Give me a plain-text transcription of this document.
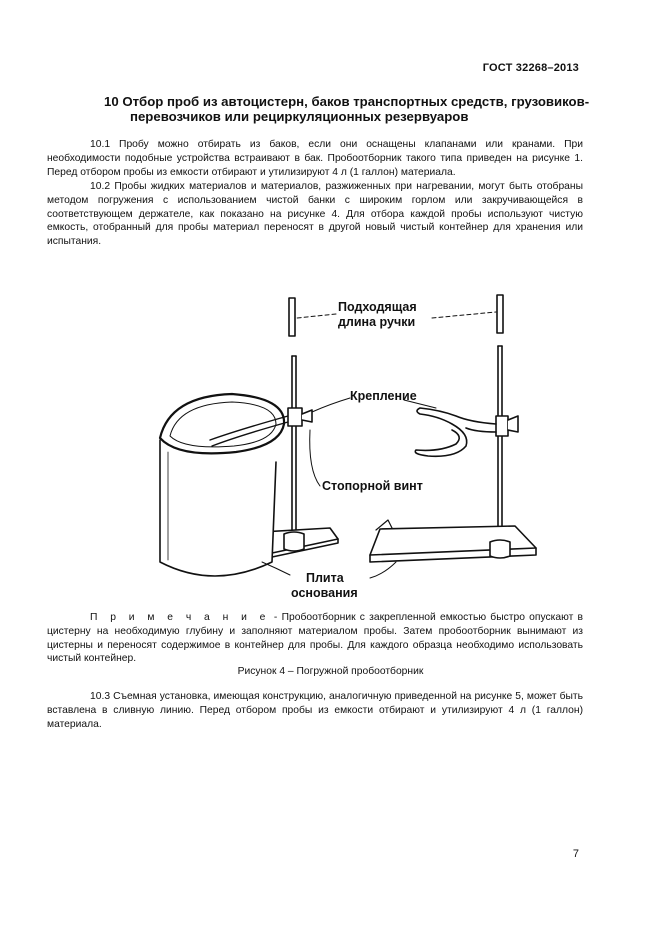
ГОСТ 32268–2013
10 Отбор проб из автоцистерн, баков транспортных средств, грузовиков-
перевозчиков или рециркуляционных резервуаров

10.1 Пробу можно отбирать из баков, если они оснащены клапанами или кранами. При необходимости подобные устройства встраивают в бак. Пробоотборник такого типа приведен на рисунке 1. Перед отбором пробы из емкости отбирают и утилизируют 4 л (1 галлон) материала.

10.2 Пробы жидких материалов и материалов, разжиженных при нагревании, могут быть отобраны методом погружения с использованием чистой банки с широким горлом или закручивающейся в соответствующем держателе, как показано на рисунке 4. Для отбора каждой пробы используют чистую емкость, отобранный для пробы материал переносят в другой новый чистый контейнер для хранения или испытания.

Подходящая
длина ручки
Крепление
Стопорной винт
Плита
основания

П р и м е ч а н и е - Пробоотборник с закрепленной емкостью быстро опускают в цистерну на необходимую глубину и заполняют материалом пробы. Затем пробоотборник вынимают из цистерны и переносят содержимое в контейнер для пробы. Для каждого образца необходимо использовать чистый контейнер.

Рисунок 4 – Погружной пробоотборник

10.3 Съемная установка, имеющая конструкцию, аналогичную приведенной на рисунке 5, может быть вставлена в сливную линию. Перед отбором пробы из емкости отбирают и утилизируют 4 л (1 галлон) материала.

7
